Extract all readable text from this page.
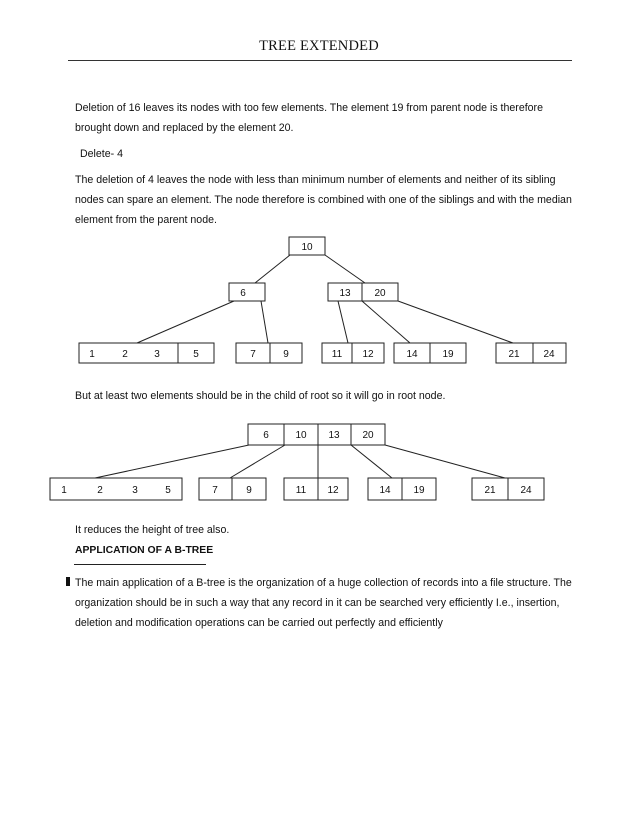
TREE EXTENDED

Deletion of 16 leaves its nodes with too few elements. The element 19 from parent node is therefore brought down and replaced by the element 20.

Delete- 4

The deletion of 4 leaves the node with less than minimum number of elements and neither of its sibling nodes can spare an element. The node therefore is combined with one of the siblings and with the median element from the parent node.

10
6	13 20
1	2	3	5	7	9	11 12	14 19	21 24

But at least two elements should be in the child of root so it will go in root node.

6	10 13 20
1	2	3	5	7	9	11 12	14 19	21 24

It reduces the height of tree also.

APPLICATION OF A B-TREE

The main application of a B-tree is the organization of a huge collection of records into a file structure. The organization should be in such a way that any record in it can be searched very efficiently I.e., insertion, deletion and modification operations can be carried out perfectly and efficiently
